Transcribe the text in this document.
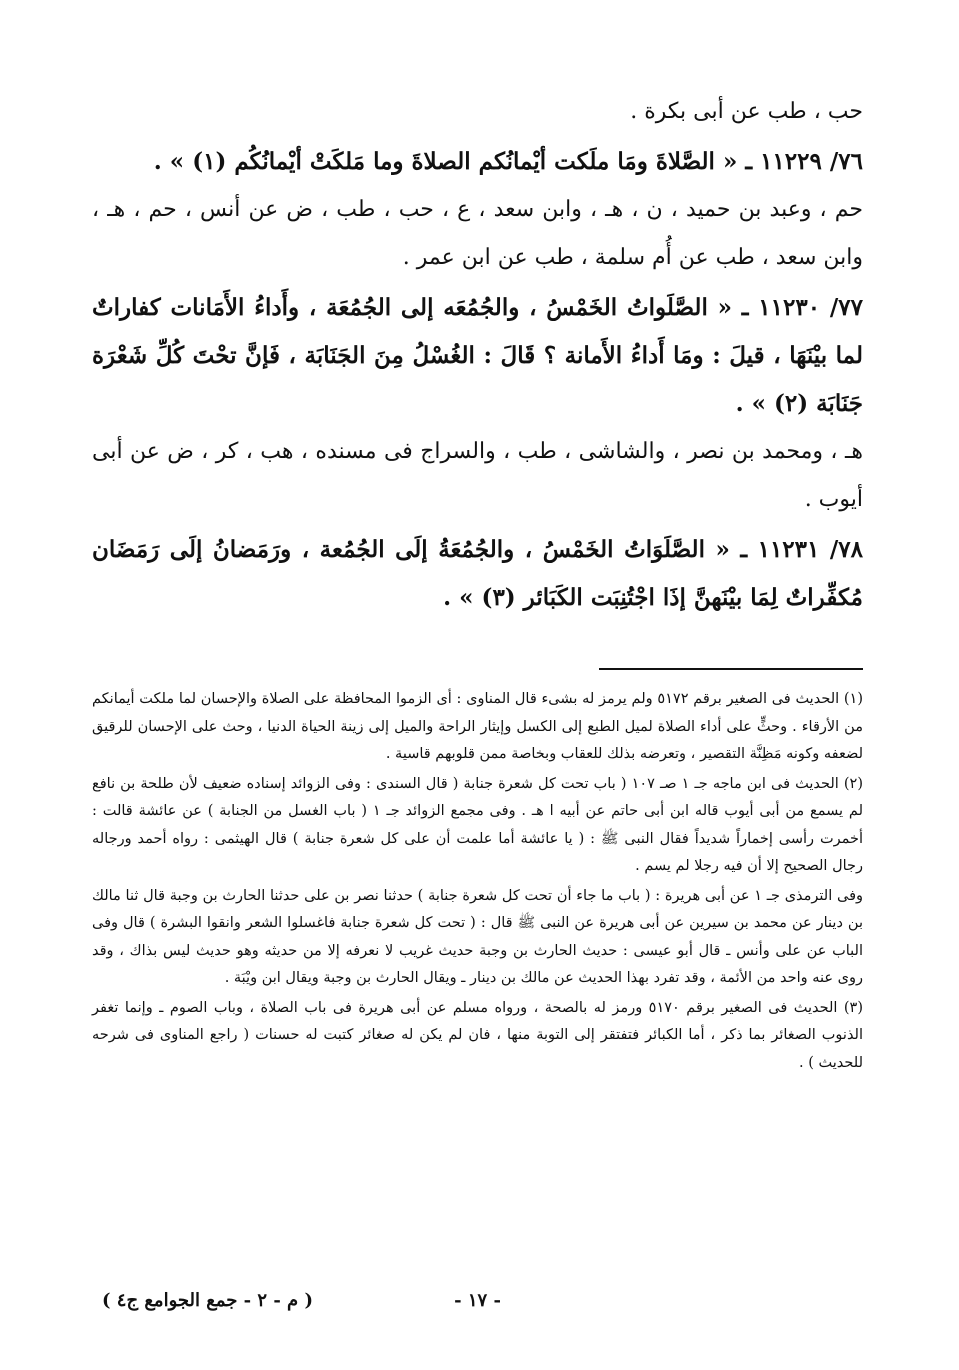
حب ، طب عن أبى بكرة .

٧٦/ ١١٢٢٩ ـ « الصَّلاةَ ومَا ملَكت أيْمانُكم الصلاةَ وما مَلكَتْ أيْمانُكُم (١) » .

حم ، وعبد بن حميد ، ن ، هـ ، وابن سعد ، ع ، حب ، طب ، ض عن أنس ، حم ، هـ ، وابن سعد ، طب عن أُم سلمة ، طب عن ابن عمر .

٧٧/ ١١٢٣٠ ـ « الصَّلَواتُ الخَمْسُ ، والجُمُعَه إلى الجُمُعَة ، وأَداءُ الأَمَانات كفاراتٌ لما بيْنَهَا ، قيلَ : ومَا أَداءُ الأَمانة ؟ قَالَ : الغُسْلُ مِنَ الجَنَابَة ، فَإنَّ تحْتَ كُلِّ شَعْرَة جَنَابَة (٢) » .

هـ ، ومحمد بن نصر ، والشاشى ، طب ، والسراج فى مسنده ، هب ، كر ، ض عن أبى أيوب .

٧٨/ ١١٢٣١ ـ « الصَّلَوَاتُ الخَمْسُ ، والجُمُعَةُ إلَى الجُمُعة ، ورَمَضانُ إلَى رَمَضَان مُكفِّراتٌ لِمَا بيْنَهنَّ إذَا اجْتُنِبَت الكَبَائر (٣) » .

(١) الحديث فى الصغير برقم ٥١٧٢ ولم يرمز له بشىء قال المناوى : أى الزموا المحافظة على الصلاة والإحسان لما ملكت أيمانكم من الأرقاء . وحثٍّ على أداء الصلاة لميل الطبع إلى الكسل وإيثار الراحة والميل إلى زينة الحياة الدنيا ، وحث على الإحسان للرقيق لضعفه وكونه مَظِنَّة التقصير ، وتعرضه بذلك للعقاب وبخاصة ممن قلوبهم قاسية .

(٢) الحديث فى ابن ماجه جـ ١ صـ ١٠٧ ( باب تحت كل شعرة جنابة ( قال السندى : وفى الزوائد إسناده ضعيف لأن طلحة بن نافع لم يسمع من أبى أيوب قاله ابن أبى حاتم عن أبيه ا هـ . وفى مجمع الزوائد جـ ١ ( باب الغسل من الجنابة ) عن عائشة قالت : أخمرت رأسى إخماراً شديداً فقال النبى ﷺ : ( يا عائشة أما علمت أن على كل شعرة جنابة ) قال الهيثمى : رواه أحمد ورجاله رجال الصحيح إلا أن فيه رجلا لم يسم .

وفى الترمذى جـ ١ عن أبى هريرة : ( باب ما جاء أن تحت كل شعرة جنابة ) حدثنا نصر بن على حدثنا الحارث بن وجبة قال ثنا مالك بن دينار عن محمد بن سيرين عن أبى هريرة عن النبى ﷺ قال : ( تحت كل شعرة جنابة فاغسلوا الشعر وانقوا البشرة ) قال وفى الباب عن على وأنس ـ قال أبو عيسى : حديث الحارث بن وجبة حديث غريب لا نعرفه إلا من حديثه وهو حديث ليس بذاك ، وقد روى عنه واحد من الأئمة ، وقد تفرد بهذا الحديث عن مالك بن دينار ـ ويقال الحارث بن وجبة ويقال ابن ويْبَة .

(٣) الحديث فى الصغير برقم ٥١٧٠ ورمز له بالصحة ، ورواه مسلم عن أبى هريرة فى باب الصلاة ، وباب الصوم ـ وإنما تغفر الذنوب الصغائر بما ذكر ، أما الكبائر فتفتقر إلى التوبة منها ، فان لم يكن له صغائر كتبت له حسنات ( راجع المناوى فى شرحه للحديث ) .

- ١٧ -
( م - ٢ - جمع الجوامع ج٤ )
